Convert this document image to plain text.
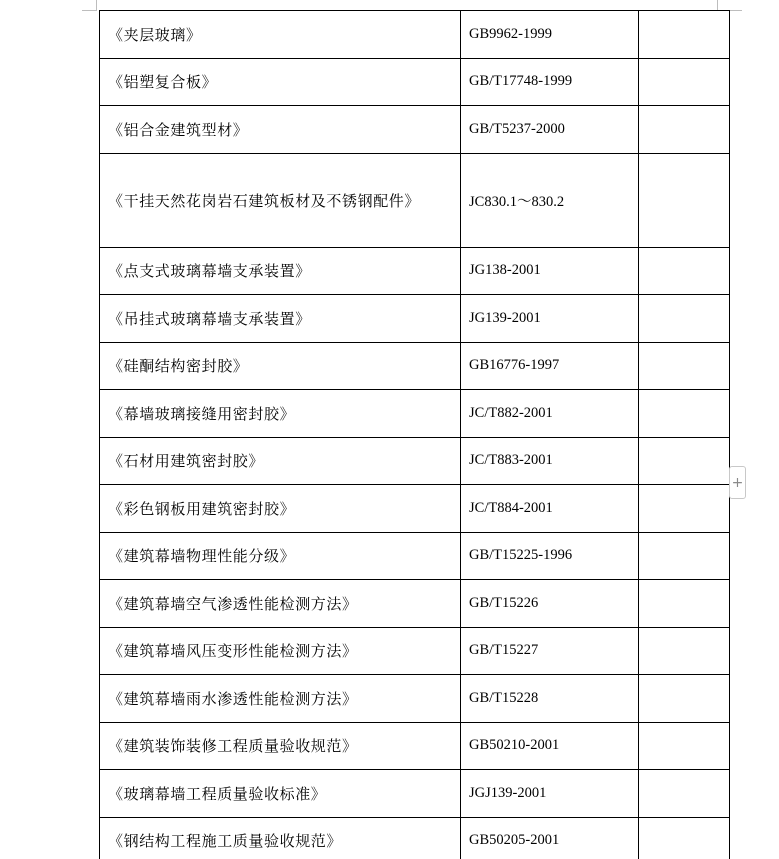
《夹层玻璃》	GB9962-1999	
《铝塑复合板》	GB/T17748-1999	
《铝合金建筑型材》	GB/T5237-2000	
《干挂天然花岗岩石建筑板材及不锈钢配件》	JC830.1～830.2	
《点支式玻璃幕墙支承装置》	JG138-2001	
《吊挂式玻璃幕墙支承装置》	JG139-2001	
《硅酮结构密封胶》	GB16776-1997	
《幕墙玻璃接缝用密封胶》	JC/T882-2001	
《石材用建筑密封胶》	JC/T883-2001	
《彩色钢板用建筑密封胶》	JC/T884-2001	
《建筑幕墙物理性能分级》	GB/T15225-1996	
《建筑幕墙空气渗透性能检测方法》	GB/T15226	
《建筑幕墙风压变形性能检测方法》	GB/T15227	
《建筑幕墙雨水渗透性能检测方法》	GB/T15228	
《建筑装饰装修工程质量验收规范》	GB50210-2001	
《玻璃幕墙工程质量验收标准》	JGJ139-2001	
《钢结构工程施工质量验收规范》	GB50205-2001	
+
